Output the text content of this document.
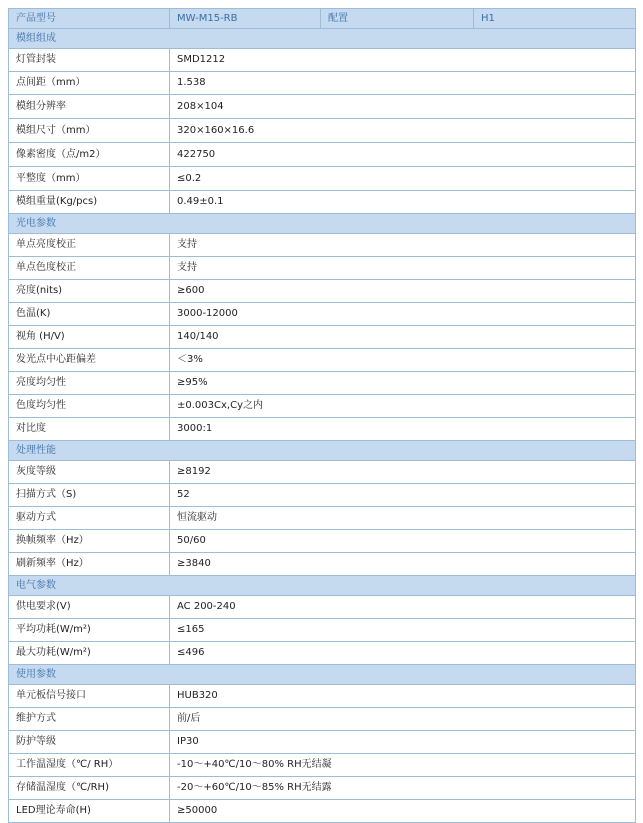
产品型号	MW-M15-RB	配置	H1
模组组成			
灯管封装	SMD1212		
点间距（mm）	1.538		
模组分辨率	208×104		
模组尺寸（mm）	320×160×16.6		
像素密度（点/m2）	422750		
平整度（mm）	≤0.2		
模组重量(Kg/pcs)	0.49±0.1		
光电参数			
单点亮度校正	支持		
单点色度校正	支持		
亮度(nits)	≥600		
色温(K)	3000-12000		
视角 (H/V)	140/140		
发光点中心距偏差	＜3%		
亮度均匀性	≥95%		
色度均匀性	±0.003Cx,Cy之内		
对比度	3000:1		
处理性能			
灰度等级	≥8192		
扫描方式（S)	52		
驱动方式	恒流驱动		
换帧频率（Hz）	50/60		
刷新频率（Hz）	≥3840		
电气参数			
供电要求(V)	AC 200-240		
平均功耗(W/m²)	≤165		
最大功耗(W/m²)	≤496		
使用参数			
单元板信号接口	HUB320		
维护方式	前/后		
防护等级	IP30		
工作温湿度（℃/ RH）	-10～+40℃/10～80% RH无结凝		
存储温湿度（℃/RH)	-20～+60℃/10～85% RH无结露		
LED理论寿命(H)	≥50000		
